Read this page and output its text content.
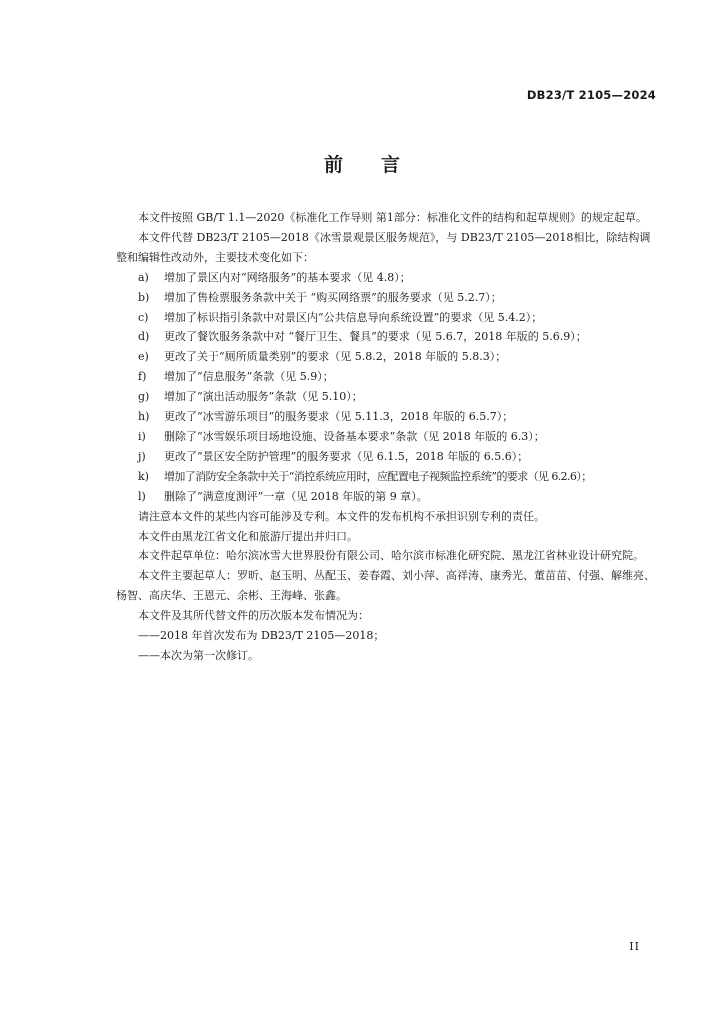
DB23/T 2105—2024
前言

本文件按照 GB/T 1.1—2020《标准化工作导则 第1部分：标准化文件的结构和起草规则》的规定起草。

本文件代替 DB23/T 2105—2018《冰雪景观景区服务规范》，与 DB23/T 2105—2018相比，除结构调整和编辑性改动外，主要技术变化如下：

a)	增加了景区内对“网络服务”的基本要求（见 4.8）；
b)	增加了售检票服务条款中关于 “购买网络票”的服务要求（见 5.2.7）；
c)	增加了标识指引条款中对景区内“公共信息导向系统设置”的要求（见 5.4.2）；
d)	更改了餐饮服务条款中对 “餐厅卫生、餐具”的要求（见 5.6.7，2018 年版的 5.6.9）；
e)	更改了关于“厕所质量类别”的要求（见 5.8.2，2018 年版的 5.8.3）；
f)	增加了“信息服务”条款（见 5.9）；
g)	增加了“演出活动服务”条款（见 5.10）；
h)	更改了“冰雪游乐项目”的服务要求（见 5.11.3，2018 年版的 6.5.7）；
i)	删除了“冰雪娱乐项目场地设施、设备基本要求”条款（见 2018 年版的 6.3）；
j)	更改了“景区安全防护管理”的服务要求（见 6.1.5，2018 年版的 6.5.6）；
k)	增加了消防安全条款中关于“消控系统应用时，应配置电子视频监控系统”的要求（见 6.2.6）；
l)	删除了“满意度测评”一章（见 2018 年版的第 9 章）。

请注意本文件的某些内容可能涉及专利。本文件的发布机构不承担识别专利的责任。

本文件由黑龙江省文化和旅游厅提出并归口。

本文件起草单位：哈尔滨冰雪大世界股份有限公司、哈尔滨市标准化研究院、黑龙江省林业设计研究院。

本文件主要起草人：罗昕、赵玉明、丛配玉、姜春霞、刘小萍、高祥涛、康秀光、董苗苗、付强、解维亮、杨智、高庆华、王恩元、余彬、王海峰、张鑫。

本文件及其所代替文件的历次版本发布情况为：

——2018 年首次发布为 DB23/T 2105—2018；

——本次为第一次修订。

II
